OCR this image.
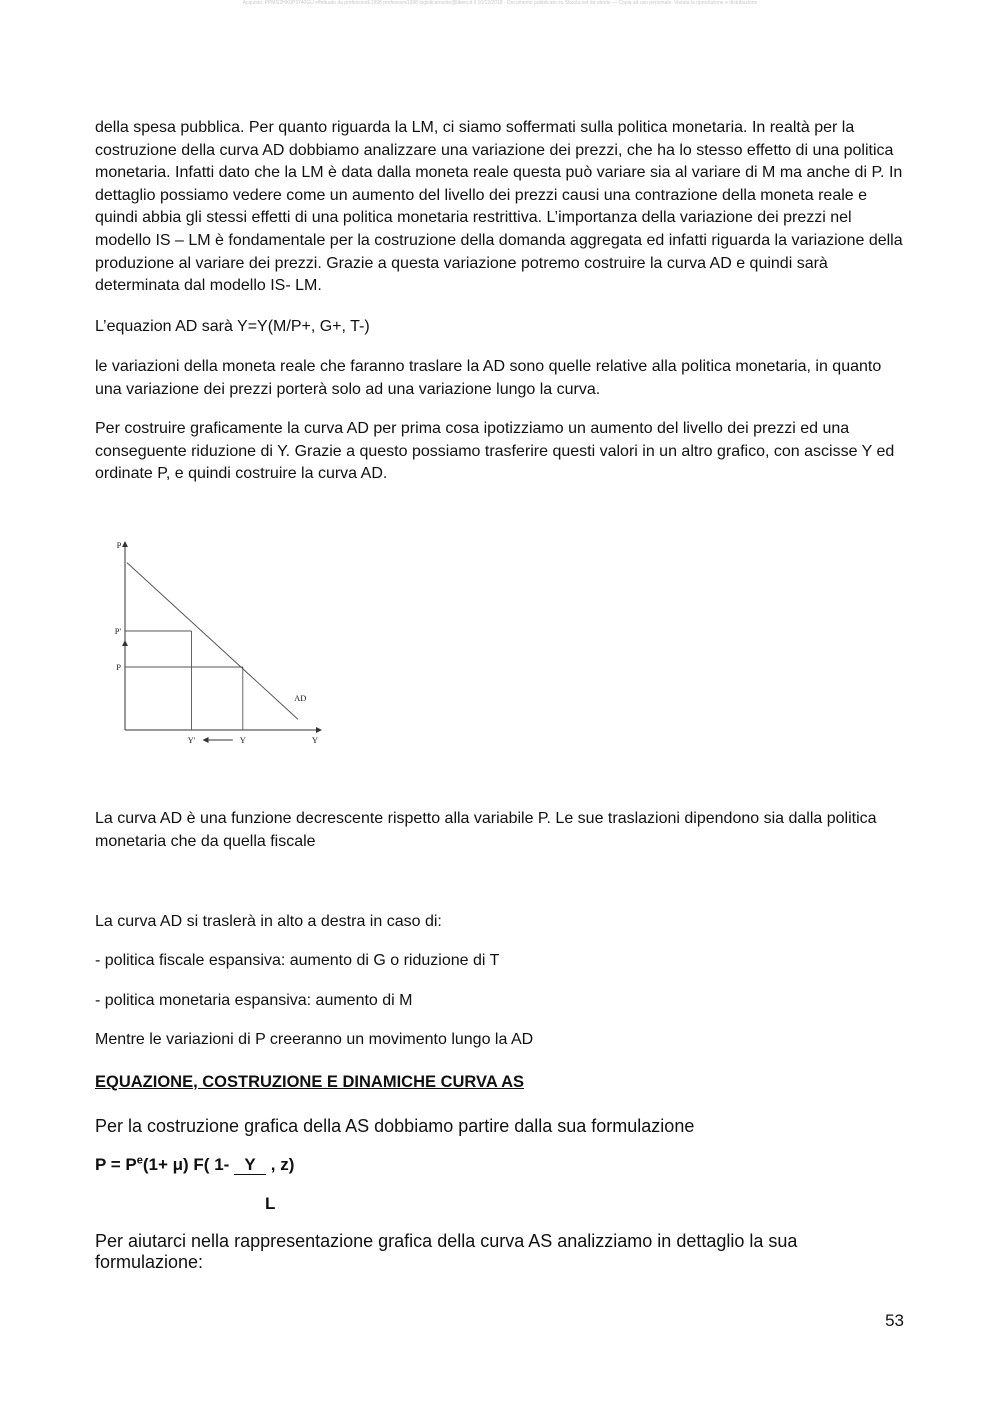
Acquisto: PPMG2HK0P3740GU effettuato da professionE1998 professore1998 logisticamente@libero.it il 10/12/2018 - Documento pubblicato su Skuola.net da utente — Copia ad uso personale. Vietata la riproduzione e distribuzione

della spesa pubblica. Per quanto riguarda la LM, ci siamo soffermati sulla politica monetaria. In realtà per la costruzione della curva AD dobbiamo analizzare una variazione dei prezzi, che ha lo stesso effetto di una politica monetaria. Infatti dato che la LM è data dalla moneta reale questa può variare sia al variare di M ma anche di P. In dettaglio possiamo vedere come un aumento del livello dei prezzi causi una contrazione della moneta reale e quindi abbia gli stessi effetti di una politica monetaria restrittiva. L’importanza della variazione dei prezzi nel modello IS – LM è fondamentale per la costruzione della domanda aggregata ed infatti riguarda la variazione della produzione al variare dei prezzi. Grazie a questa variazione potremo costruire la curva AD e quindi sarà determinata dal modello IS- LM.

L’equazion AD sarà Y=Y(M/P+, G+, T-)

le variazioni della moneta reale che faranno traslare la AD sono quelle relative alla politica monetaria, in quanto una variazione dei prezzi porterà solo ad una variazione lungo la curva.

Per costruire graficamente la curva AD per prima cosa ipotizziamo un aumento del livello dei prezzi ed una conseguente riduzione di Y. Grazie a questo possiamo trasferire questi valori in un altro grafico, con ascisse Y ed ordinate P, e quindi costruire la curva AD.

P
Y
P'
P
Y'	Y
AD

La curva AD è una funzione decrescente rispetto alla variabile P. Le sue traslazioni dipendono sia dalla politica monetaria che da quella fiscale

La curva AD si traslerà in alto a destra in caso di:

- politica fiscale espansiva: aumento di G o riduzione di T

- politica monetaria espansiva: aumento di M

Mentre le variazioni di P creeranno un movimento lungo la AD

EQUAZIONE, COSTRUZIONE E DINAMICHE CURVA AS

Per la costruzione grafica della AS dobbiamo partire dalla sua formulazione

$P = P^e(1+ \mu)$ F( 1- Y , z)

L

Per aiutarci nella rappresentazione grafica della curva AS analizziamo in dettaglio la sua formulazione:

53
